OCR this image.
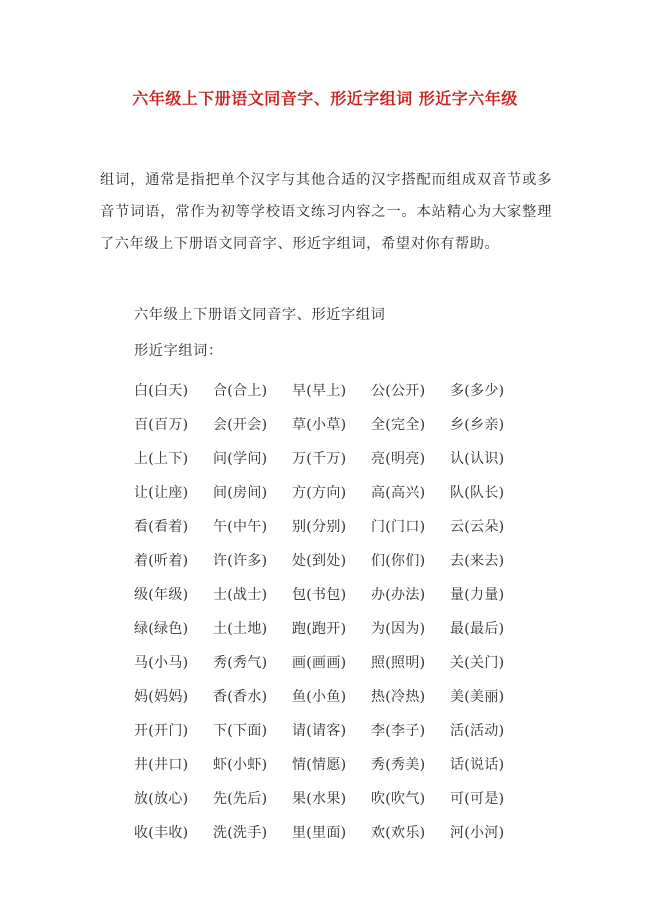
六年级上下册语文同音字、形近字组词 形近字六年级
组词，通常是指把单个汉字与其他合适的汉字搭配而组成双音节或多音节词语，常作为初等学校语文练习内容之一。本站精心为大家整理了六年级上下册语文同音字、形近字组词，希望对你有帮助。
六年级上下册语文同音字、形近字组词
形近字组词：
白(白天)	合(合上)	早(早上)	公(公开)	多(多少)
百(百万)	会(开会)	草(小草)	全(完全)	乡(乡亲)
上(上下)	问(学问)	万(千万)	亮(明亮)	认(认识)
让(让座)	间(房间)	方(方向)	高(高兴)	队(队长)
看(看着)	午(中午)	别(分别)	门(门口)	云(云朵)
着(听着)	许(许多)	处(到处)	们(你们)	去(来去)
级(年级)	士(战士)	包(书包)	办(办法)	量(力量)
绿(绿色)	土(土地)	跑(跑开)	为(因为)	最(最后)
马(小马)	秀(秀气)	画(画画)	照(照明)	关(关门)
妈(妈妈)	香(香水)	鱼(小鱼)	热(冷热)	美(美丽)
开(开门)	下(下面)	请(请客)	李(李子)	活(活动)
井(井口)	虾(小虾)	情(情愿)	秀(秀美)	话(说话)
放(放心)	先(先后)	果(水果)	吹(吹气)	可(可是)
收(丰收)	洗(洗手)	里(里面)	欢(欢乐)	河(小河)
